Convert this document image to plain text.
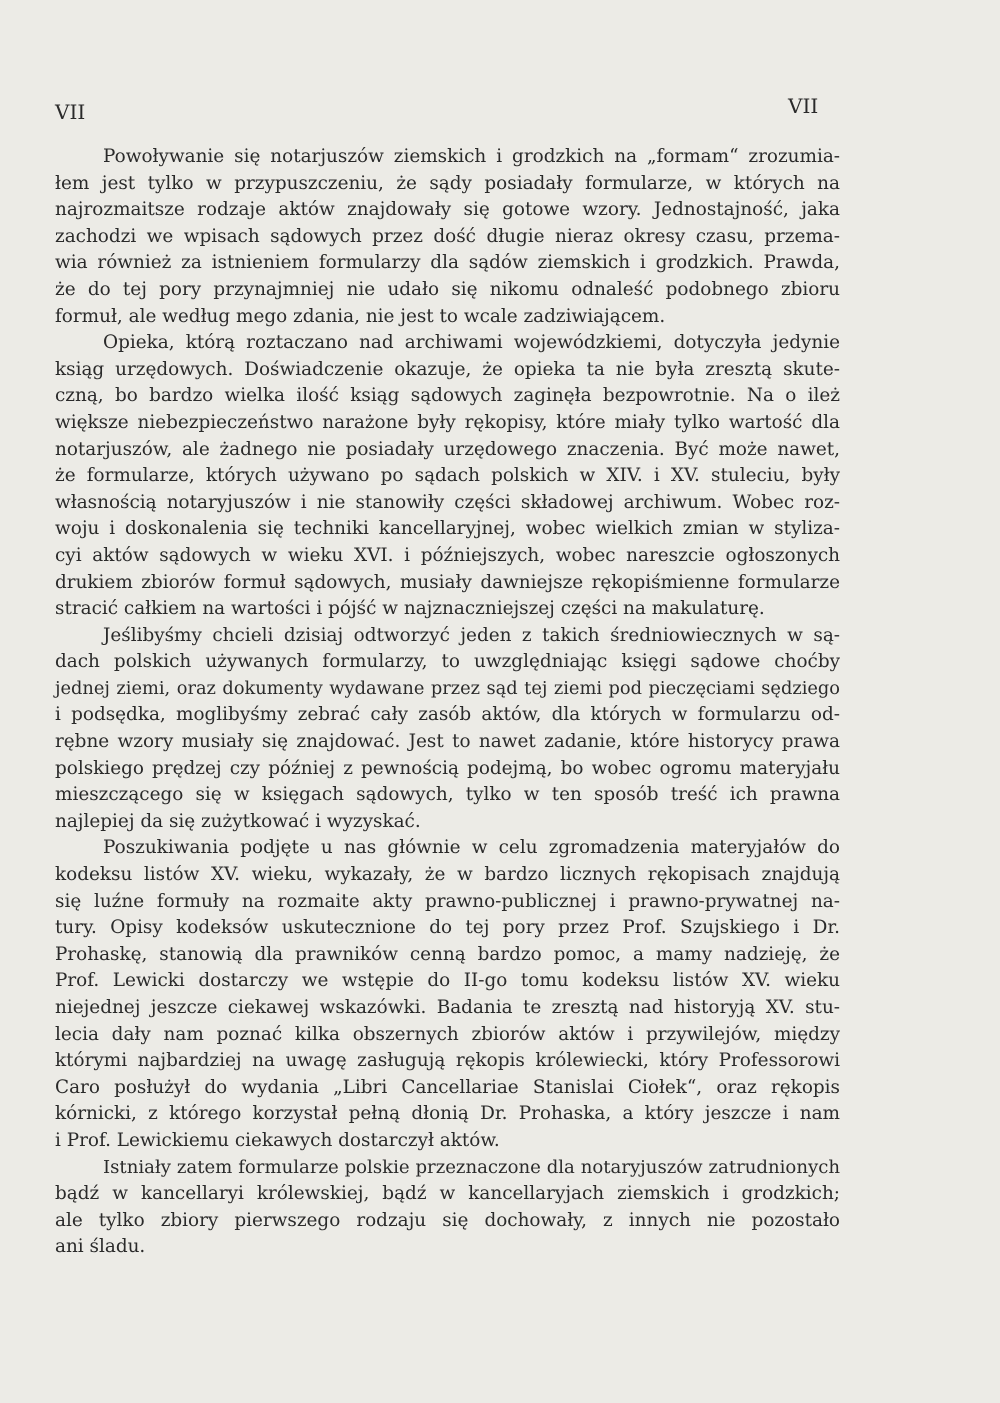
VII	VII
Powoływanie się notarjuszów ziemskich i grodzkich na „formam“ zrozumia-
łem jest tylko w przypuszczeniu, że sądy posiadały formularze, w których na
najrozmaitsze rodzaje aktów znajdowały się gotowe wzory. Jednostajność, jaka
zachodzi we wpisach sądowych przez dość długie nieraz okresy czasu, przema-
wia również za istnieniem formularzy dla sądów ziemskich i grodzkich. Prawda,
że do tej pory przynajmniej nie udało się nikomu odnaleść podobnego zbioru
formuł, ale według mego zdania, nie jest to wcale zadziwiającem.
Opieka, którą roztaczano nad archiwami wojewódzkiemi, dotyczyła jedynie
ksiąg urzędowych. Doświadczenie okazuje, że opieka ta nie była zresztą skute-
czną, bo bardzo wielka ilość ksiąg sądowych zaginęła bezpowrotnie. Na o ileż
większe niebezpieczeństwo narażone były rękopisy, które miały tylko wartość dla
notarjuszów, ale żadnego nie posiadały urzędowego znaczenia. Być może nawet,
że formularze, których używano po sądach polskich w XIV. i XV. stuleciu, były
własnością notaryjuszów i nie stanowiły części składowej archiwum. Wobec roz-
woju i doskonalenia się techniki kancellaryjnej, wobec wielkich zmian w styliza-
cyi aktów sądowych w wieku XVI. i późniejszych, wobec nareszcie ogłoszonych
drukiem zbiorów formuł sądowych, musiały dawniejsze rękopiśmienne formularze
stracić całkiem na wartości i pójść w najznaczniejszej części na makulaturę.
Jeślibyśmy chcieli dzisiaj odtworzyć jeden z takich średniowiecznych w są-
dach polskich używanych formularzy, to uwzględniając księgi sądowe choćby
jednej ziemi, oraz dokumenty wydawane przez sąd tej ziemi pod pieczęciami sędziego
i podsędka, moglibyśmy zebrać cały zasób aktów, dla których w formularzu od-
rębne wzory musiały się znajdować. Jest to nawet zadanie, które historycy prawa
polskiego prędzej czy później z pewnością podejmą, bo wobec ogromu materyjału
mieszczącego się w księgach sądowych, tylko w ten sposób treść ich prawna
najlepiej da się zużytkować i wyzyskać.
Poszukiwania podjęte u nas głównie w celu zgromadzenia materyjałów do
kodeksu listów XV. wieku, wykazały, że w bardzo licznych rękopisach znajdują
się luźne formuły na rozmaite akty prawno-publicznej i prawno-prywatnej na-
tury. Opisy kodeksów uskutecznione do tej pory przez Prof. Szujskiego i Dr.
Prohaskę, stanowią dla prawników cenną bardzo pomoc, a mamy nadzieję, że
Prof. Lewicki dostarczy we wstępie do II-go tomu kodeksu listów XV. wieku
niejednej jeszcze ciekawej wskazówki. Badania te zresztą nad historyją XV. stu-
lecia dały nam poznać kilka obszernych zbiorów aktów i przywilejów, między
którymi najbardziej na uwagę zasługują rękopis królewiecki, który Professorowi
Caro posłużył do wydania „Libri Cancellariae Stanislai Ciołek“, oraz rękopis
kórnicki, z którego korzystał pełną dłonią Dr. Prohaska, a który jeszcze i nam
i Prof. Lewickiemu ciekawych dostarczył aktów.
Istniały zatem formularze polskie przeznaczone dla notaryjuszów zatrudnionych
bądź w kancellaryi królewskiej, bądź w kancellaryjach ziemskich i grodzkich;
ale tylko zbiory pierwszego rodzaju się dochowały, z innych nie pozostało
ani śladu.
